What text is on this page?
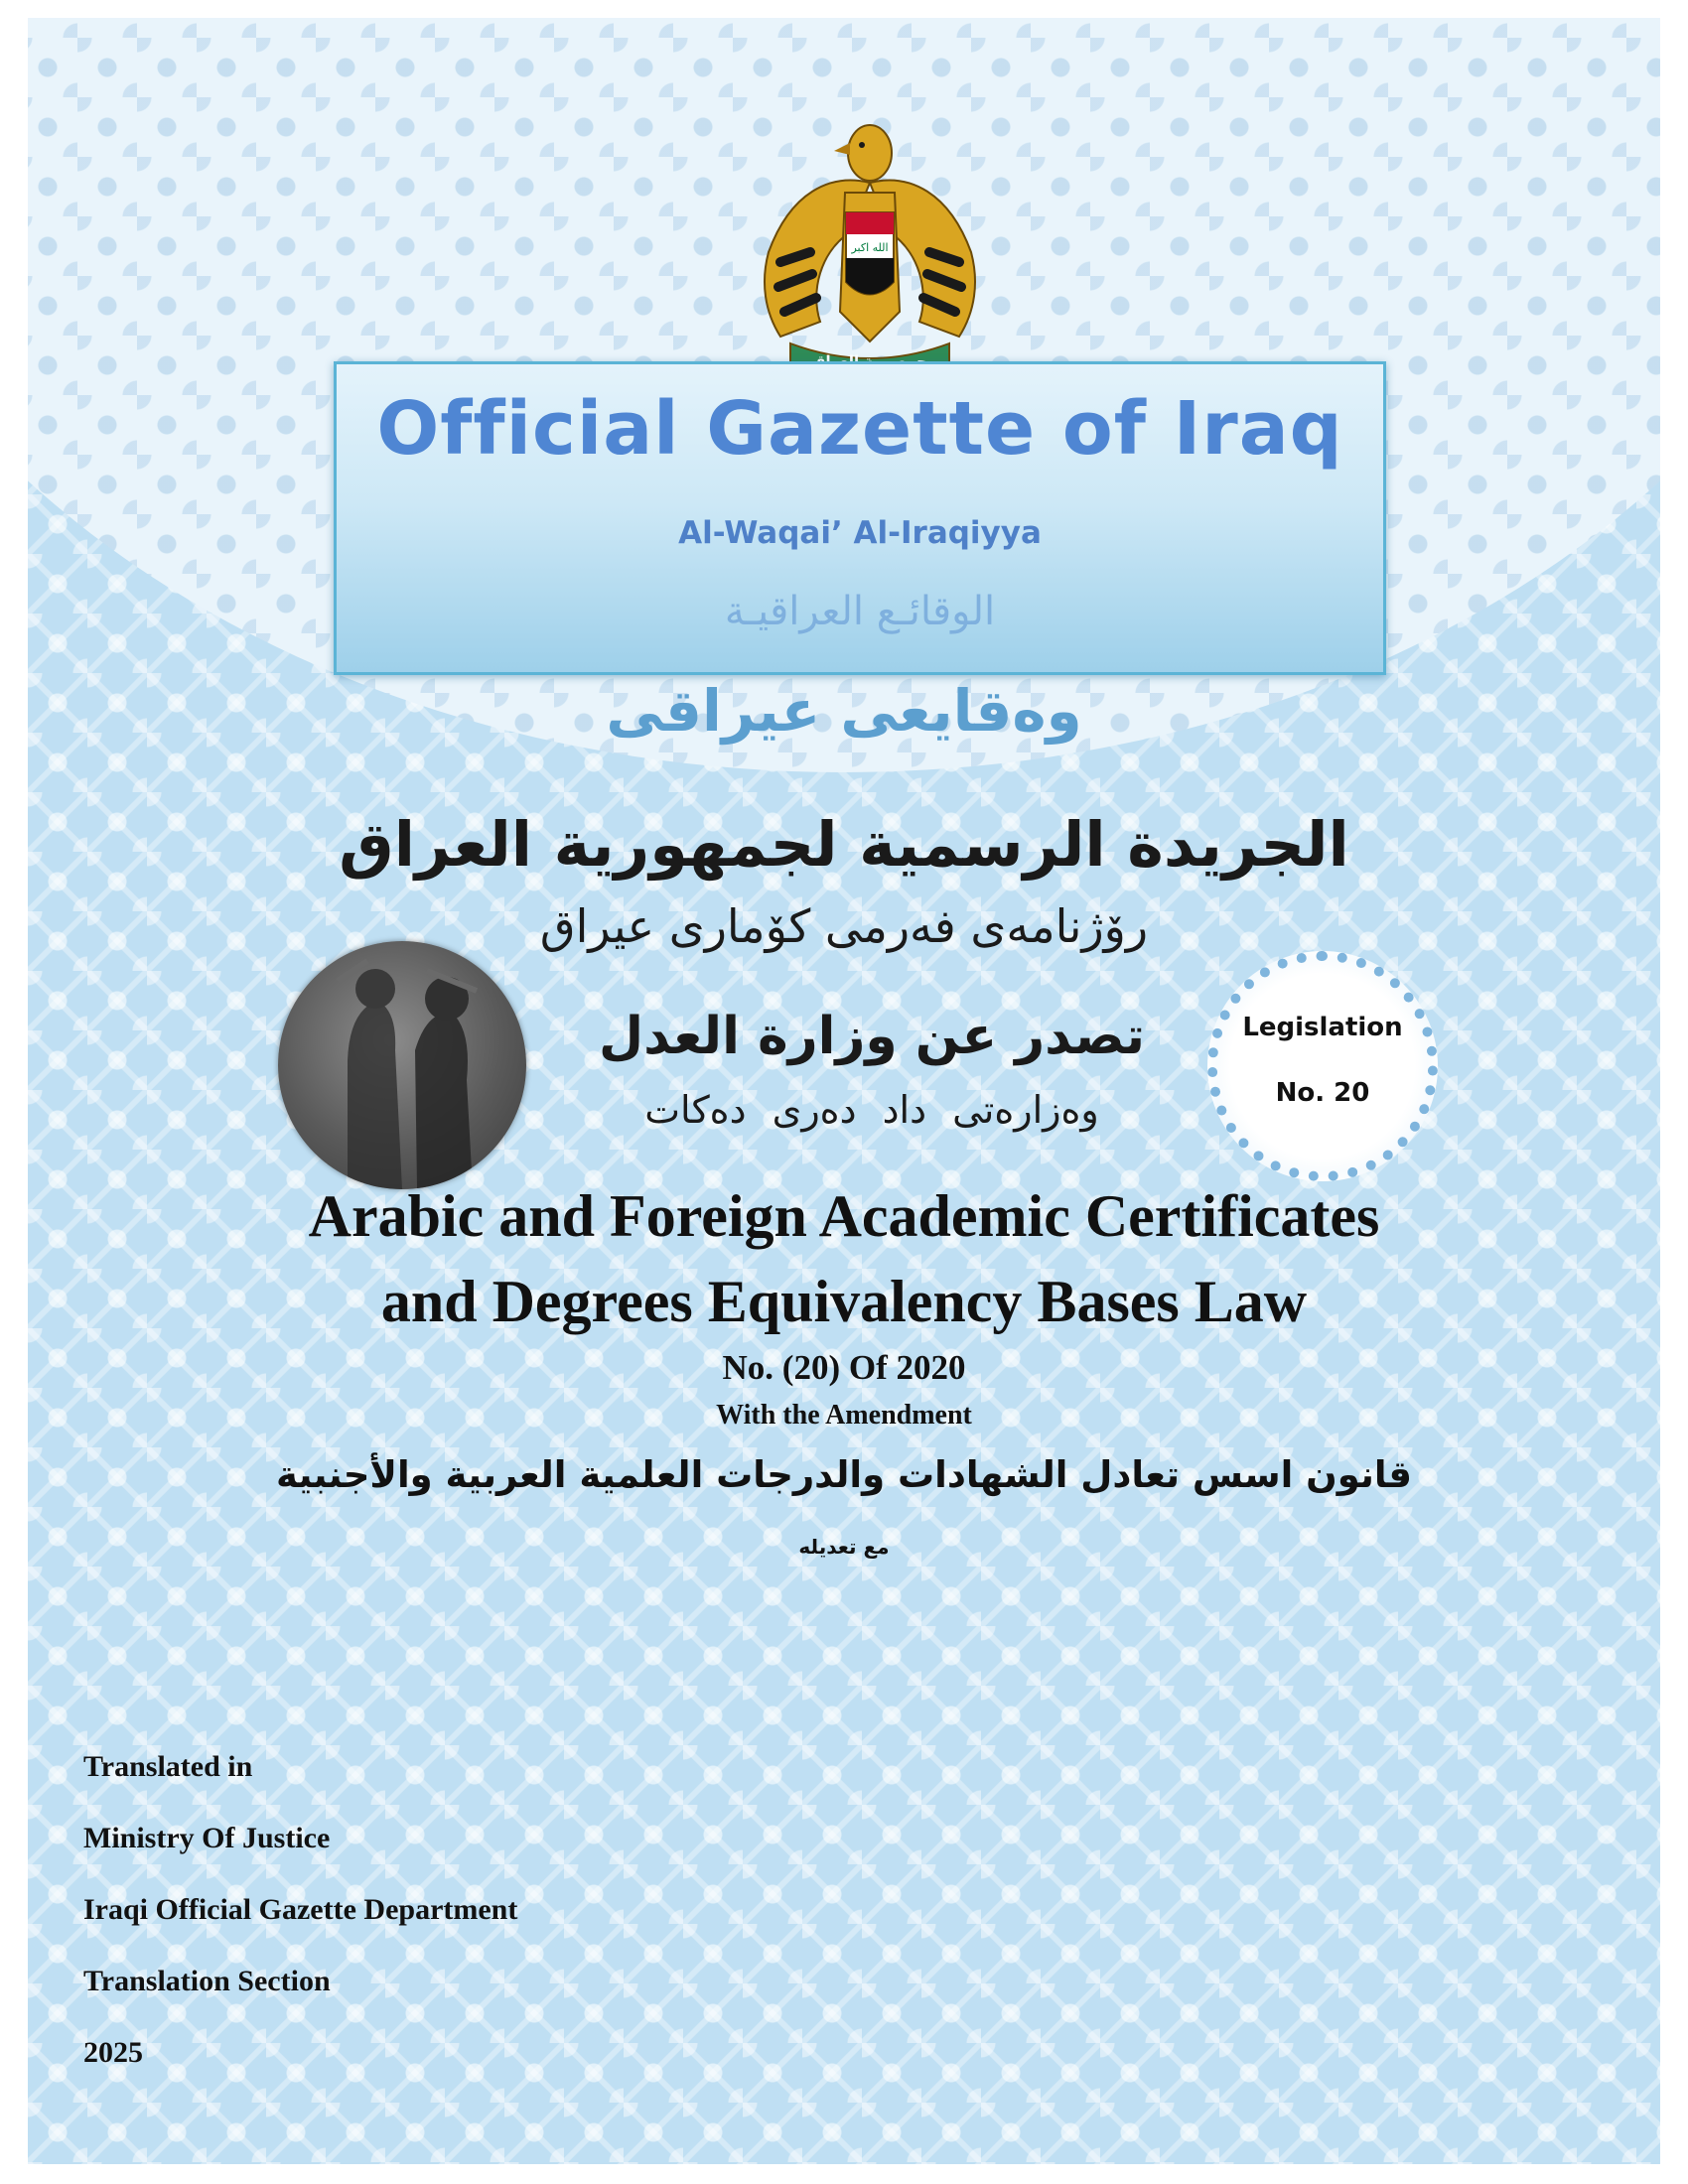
الله اكبر
Official Gazette of Iraq
Al-Waqai’ Al-Iraqiyya
الوقائـع العراقيـة
وەقايعی عيراقی
الجريدة الرسمية لجمهورية العراق
رۆژنامەی فەرمی کۆماری عیراق
تصدر عن وزارة العدل
وەزارەتی داد دەری دەکات
Legislation
No. 20
Arabic and Foreign Academic Certificates
and Degrees Equivalency Bases Law
No. (20) Of 2020
With the Amendment
قانون اسس تعادل الشهادات والدرجات العلمية العربية والأجنبية
مع تعديله
Translated in
Ministry Of Justice
Iraqi Official Gazette Department
Translation Section
2025
